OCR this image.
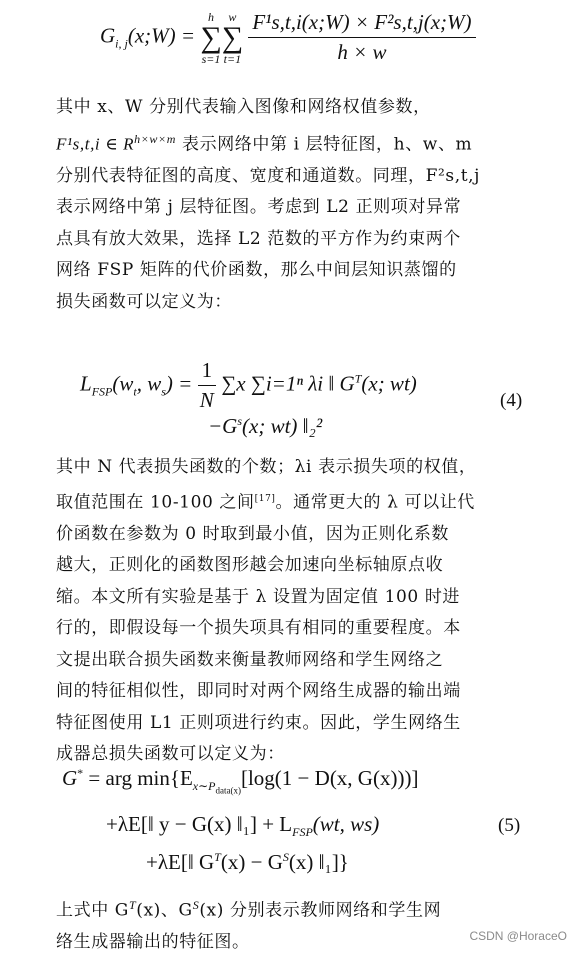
$G_{i, j}(x;W)$ =
h
∑
s=1
w
∑
t=1
$\frac{\text{F¹s,t,i(x;W) × F²s,t,j(x;W)}}{h \times w}$

其中 x、W 分别代表输入图像和网络权值参数，

F¹s,t,i ∈ $R^{h\times w\times m}$ 表示网络中第 i 层特征图，h、w、m

分别代表特征图的高度、宽度和通道数。同理，F²s,t,j

表示网络中第 j 层特征图。考虑到 L2 正则项对异常

点具有放大效果，选择 L2 范数的平方作为约束两个

网络 FSP 矩阵的代价函数，那么中间层知识蒸馏的

损失函数可以定义为：

$L_{FSP}(w_t$, $w_s) = \frac{1}{N} \sum x$ ∑i=1ⁿ λi ‖ $G^T(x$; wt)
$-G^s(x$; wt) ‖₂²
(4)

其中 N 代表损失函数的个数；λi 表示损失项的权值，

取值范围在 10-100 之间[17]。通常更大的 λ 可以让代

价函数在参数为 0 时取到最小值，因为正则化系数

越大，正则化的函数图形越会加速向坐标轴原点收

缩。本文所有实验是基于 λ 设置为固定值 100 时进

行的，即假设每一个损失项具有相同的重要程度。本

文提出联合损失函数来衡量教师网络和学生网络之

间的特征相似性，即同时对两个网络生成器的输出端

特征图使用 L1 正则项进行约束。因此，学生网络生

成器总损失函数可以定义为：

G* = arg $\min\{E_{x\sim P_{data(x)}}[\log(1 - D(x$, G(x)))]
+λE[‖ y − G(x) ‖₁] + $L_{FSP}(wt$, ws)	(5)
+λE[‖ $G^T(x) - G^S(x)$ ‖₁]}

上式中 $G^T(x)$、$G^S(x)$ 分别表示教师网络和学生网

络生成器输出的特征图。	CSDN @HoraceO
